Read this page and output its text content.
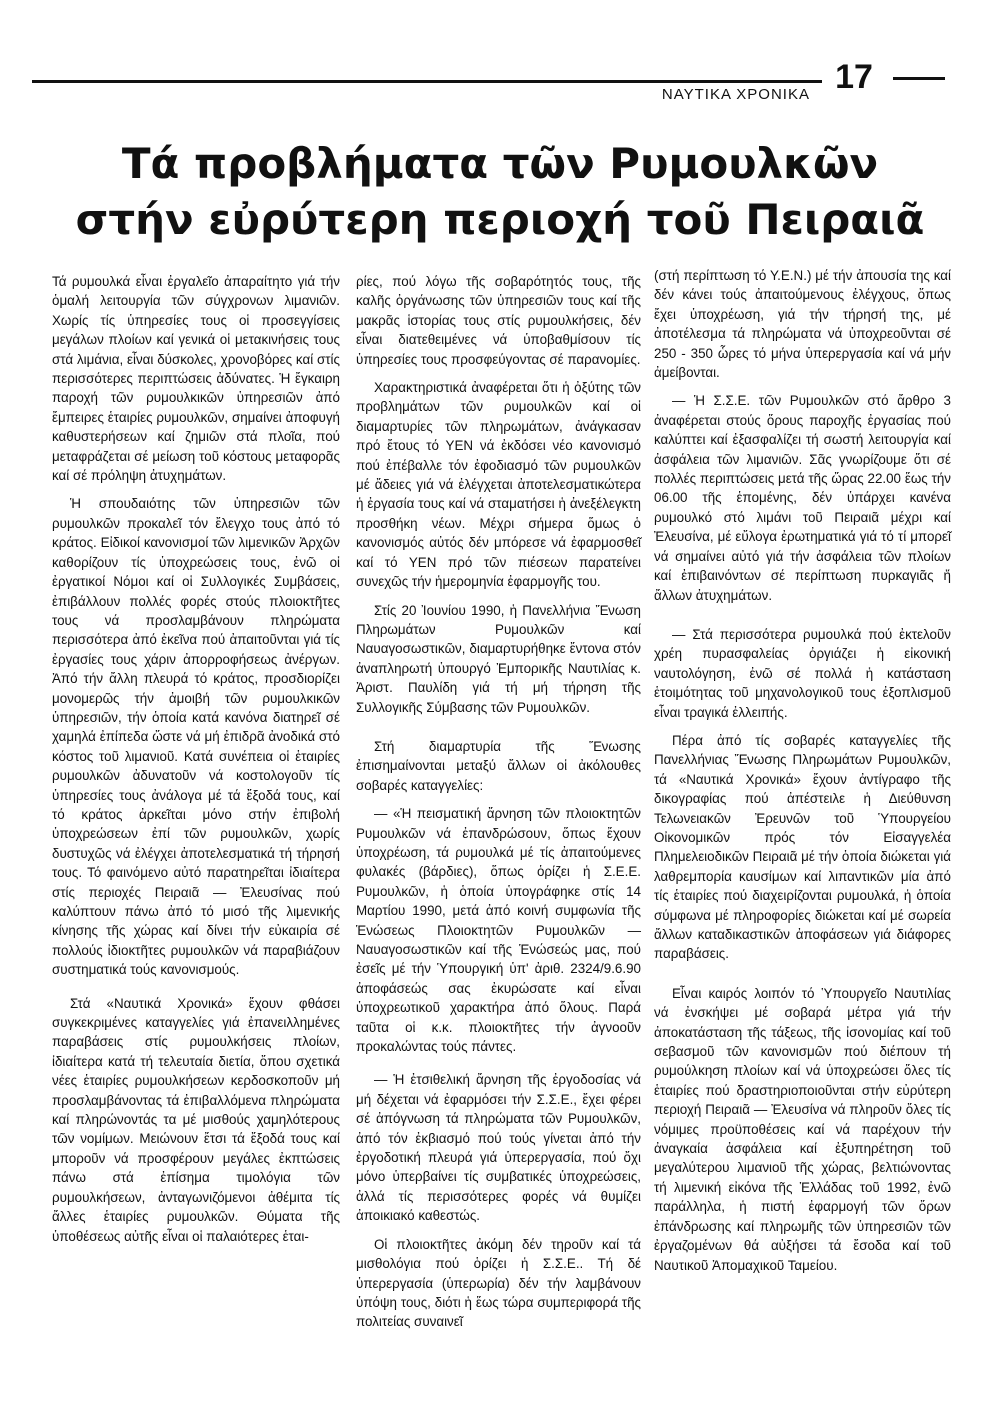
ΝΑΥΤΙΚΑ ΧΡΟΝΙΚΑ 17
Τά προβλήματα τῶν Ρυμουλκῶν
στήν εὐρύτερη περιοχή τοῦ Πειραιᾶ

Τά ρυμουλκά εἶναι ἐργαλεῖο ἀπαραίτητο γιά τήν ὁμαλή λειτουργία τῶν σύγχρονων λιμανιῶν. Χωρίς τίς ὑπηρεσίες τους οἱ προσεγγίσεις μεγάλων πλοίων καί γενικά οἱ μετακινήσεις τους στά λιμάνια, εἶναι δύσκολες, χρονοβόρες καί στίς περισσότερες περιπτώσεις ἀδύνατες. Ἡ ἔγκαιρη παροχή τῶν ρυμουλκικῶν ὑπηρεσιῶν ἀπό ἔμπειρες ἑταιρίες ρυμουλκῶν, σημαίνει ἀποφυγή καθυστερήσεων καί ζημιῶν στά πλοῖα, πού μεταφράζεται σέ μείωση τοῦ κόστους μεταφορᾶς καί σέ πρόληψη ἀτυχημάτων.

Ἡ σπουδαιότης τῶν ὑπηρεσιῶν τῶν ρυμουλκῶν προκαλεῖ τόν ἔλεγχο τους ἀπό τό κράτος. Εἰδικοί κανονισμοί τῶν λιμενικῶν Ἀρχῶν καθορίζουν τίς ὑποχρεώσεις τους, ἐνῶ οἱ ἐργατικοί Νόμοι καί οἱ Συλλογικές Συμβάσεις, ἐπιβάλλουν πολλές φορές στούς πλοιοκτῆτες τους νά προσλαμβάνουν πληρώματα περισσότερα ἀπό ἐκεῖνα πού ἀπαιτοῦνται γιά τίς ἐργασίες τους χάριν ἀπορροφήσεως ἀνέργων. Ἀπό τήν ἄλλη πλευρά τό κράτος, προσδιορίζει μονομερῶς τήν ἀμοιβή τῶν ρυμουλκικῶν ὑπηρεσιῶν, τήν ὁποία κατά κανόνα διατηρεῖ σέ χαμηλά ἐπίπεδα ὥστε νά μή ἐπιδρᾶ ἀνοδικά στό κόστος τοῦ λιμανιοῦ. Κατά συνέπεια οἱ ἑταιρίες ρυμουλκῶν ἀδυνατοῦν νά κοστολογοῦν τίς ὑπηρεσίες τους ἀνάλογα μέ τά ἔξοδά τους, καί τό κράτος ἀρκεῖται μόνο στήν ἐπιβολή ὑποχρεώσεων ἐπί τῶν ρυμουλκῶν, χωρίς δυστυχῶς νά ἐλέγχει ἀποτελεσματικά τή τήρησή τους. Τό φαινόμενο αὐτό παρατηρεῖται ἰδιαίτερα στίς περιοχές Πειραιᾶ — Ἐλευσίνας πού καλύπτουν πάνω ἀπό τό μισό τῆς λιμενικής κίνησης τῆς χώρας καί δίνει τήν εὐκαιρία σέ πολλούς ἰδιοκτῆτες ρυμουλκῶν νά παραβιάζουν συστηματικά τούς κανονισμούς.

Στά «Ναυτικά Χρονικά» ἔχουν φθάσει συγκεκριμένες καταγγελίες γιά ἐπανειλλημένες παραβάσεις στίς ρυμουλκήσεις πλοίων, ἰδιαίτερα κατά τή τελευταία διετία, ὅπου σχετικά νέες ἑταιρίες ρυμουλκήσεων κερδοσκοποῦν μή προσλαμβάνοντας τά ἐπιβαλλόμενα πληρώματα καί πληρώνοντάς τα μέ μισθούς χαμηλότερους τῶν νομίμων. Μειώνουν ἔτσι τά ἔξοδά τους καί μποροῦν νά προσφέρουν μεγάλες ἐκπτώσεις πάνω στά ἐπίσημα τιμολόγια τῶν ρυμουλκήσεων, ἀνταγωνιζόμενοι ἀθέμιτα τίς ἄλλες ἑταιρίες ρυμουλκῶν. Θύματα τῆς ὑποθέσεως αὐτῆς εἶναι οἱ παλαιότερες ἑται-

ρίες, πού λόγω τῆς σοβαρότητός τους, τῆς καλῆς ὀργάνωσης τῶν ὑπηρεσιῶν τους καί τῆς μακρᾶς ἱστορίας τους στίς ρυμουλκήσεις, δέν εἶναι διατεθειμένες νά ὑποβαθμίσουν τίς ὑπηρεσίες τους προσφεύγοντας σέ παρανομίες.

Χαρακτηριστικά ἀναφέρεται ὅτι ἡ ὀξύτης τῶν προβλημάτων τῶν ρυμουλκῶν καί οἱ διαμαρτυρίες τῶν πληρωμάτων, ἀνάγκασαν πρό ἔτους τό ΥΕΝ νά ἐκδόσει νέο κανονισμό πού ἐπέβαλλε τόν ἐφοδιασμό τῶν ρυμουλκῶν μέ ἄδειες γιά νά ἐλέγχεται ἀποτελεσματικώτερα ἡ ἐργασία τους καί νά σταματήσει ἡ ἀνεξέλεγκτη προσθήκη νέων. Μέχρι σήμερα ὅμως ὁ κανονισμός αὐτός δέν μπόρεσε νά ἐφαρμοσθεῖ καί τό ΥΕΝ πρό τῶν πιέσεων παρατείνει συνεχῶς τήν ἡμερομηνία ἐφαρμογῆς του.

Στίς 20 Ἰουνίου 1990, ἡ Πανελλήνια Ἕνωση Πληρωμάτων Ρυμουλκῶν καί Ναυαγοσωστικῶν, διαμαρτυρήθηκε ἔντονα στόν ἀναπληρωτή ὑπουργό Ἐμπορικῆς Ναυτιλίας κ. Ἀριστ. Παυλίδη γιά τή μή τήρηση τῆς Συλλογικῆς Σύμβασης τῶν Ρυμουλκῶν.

Στή διαμαρτυρία τῆς Ἕνωσης ἐπισημαίνονται μεταξύ ἄλλων οἱ ἀκόλουθες σοβαρές καταγγελίες:

— «Ἡ πεισματική ἄρνηση τῶν πλοιοκτητῶν Ρυμουλκῶν νά ἐπανδρώσουν, ὅπως ἔχουν ὑποχρέωση, τά ρυμουλκά μέ τίς ἀπαιτούμενες φυλακές (βάρδιες), ὅπως ὁρίζει ἡ Σ.Ε.Ε. Ρυμουλκῶν, ἡ ὁποία ὑπογράφηκε στίς 14 Μαρτίου 1990, μετά ἀπό κοινή συμφωνία τῆς Ἑνώσεως Πλοιοκτητῶν Ρυμουλκῶν — Ναυαγοσωστικῶν καί τῆς Ἑνώσεώς μας, πού ἐσεῖς μέ τήν Ὑπουργική ὑπ' ἀριθ. 2324/9.6.90 ἀποφάσεώς σας ἐκυρώσατε καί εἶναι ὑποχρεωτικοῦ χαρακτήρα ἀπό ὅλους. Παρά ταῦτα οἱ κ.κ. πλοιοκτῆτες τήν ἀγνοοῦν προκαλώντας τούς πάντες.

— Ἡ ἐτσιθελική ἄρνηση τῆς ἐργοδοσίας νά μή δέχεται νά ἐφαρμόσει τήν Σ.Σ.Ε., ἔχει φέρει σέ ἀπόγνωση τά πληρώματα τῶν Ρυμουλκῶν, ἀπό τόν ἐκβιασμό πού τούς γίνεται ἀπό τήν ἐργοδοτική πλευρά γιά ὑπερεργασία, πού ὄχι μόνο ὑπερβαίνει τίς συμβατικές ὑποχρεώσεις, ἀλλά τίς περισσότερες φορές νά θυμίζει ἀποικιακό καθεστώς.

Οἱ πλοιοκτῆτες ἀκόμη δέν τηροῦν καί τά μισθολόγια πού ὁρίζει ἡ Σ.Σ.Ε.. Τή δέ ὑπερεργασία (ὑπερωρία) δέν τήν λαμβάνουν ὑπόψη τους, διότι ἡ ἕως τώρα συμπεριφορά τῆς πολιτείας συναινεῖ

(στή περίπτωση τό Υ.Ε.Ν.) μέ τήν ἀπουσία της καί δέν κάνει τούς ἀπαιτούμενους ἐλέγχους, ὅπως ἔχει ὑποχρέωση, γιά τήν τήρησή της, μέ ἀποτέλεσμα τά πληρώματα νά ὑποχρεοῦνται σέ 250 - 350 ὧρες τό μήνα ὑπερεργασία καί νά μήν ἀμείβονται.

— Ἡ Σ.Σ.Ε. τῶν Ρυμουλκῶν στό ἄρθρο 3 ἀναφέρεται στούς ὅρους παροχῆς ἐργασίας πού καλύπτει καί ἐξασφαλίζει τή σωστή λειτουργία καί ἀσφάλεια τῶν λιμανιῶν. Σᾶς γνωρίζουμε ὅτι σέ πολλές περιπτώσεις μετά τῆς ὥρας 22.00 ἕως τήν 06.00 τῆς ἑπομένης, δέν ὑπάρχει κανένα ρυμουλκό στό λιμάνι τοῦ Πειραιᾶ μέχρι καί Ἐλευσίνα, μέ εὔλογα ἐρωτηματικά γιά τό τί μπορεῖ νά σημαίνει αὐτό γιά τήν ἀσφάλεια τῶν πλοίων καί ἐπιβαινόντων σέ περίπτωση πυρκαγιᾶς ἤ ἄλλων ἀτυχημάτων.

— Στά περισσότερα ρυμουλκά πού ἐκτελοῦν χρέη πυρασφαλείας ὀργιάζει ἡ εἰκονική ναυτολόγηση, ἐνῶ σέ πολλά ἡ κατάσταση ἑτοιμότητας τοῦ μηχανολογικοῦ τους ἐξοπλισμοῦ εἶναι τραγικά ἐλλειπής.

Πέρα ἀπό τίς σοβαρές καταγγελίες τῆς Πανελλήνιας Ἕνωσης Πληρωμάτων Ρυμουλκῶν, τά «Ναυτικά Χρονικά» ἔχουν ἀντίγραφο τῆς δικογραφίας πού ἀπέστειλε ἡ Διεύθυνση Τελωνειακῶν Ἐρευνῶν τοῦ Ὑπουργείου Οἰκονομικῶν πρός τόν Εἰσαγγελέα Πλημελειοδικῶν Πειραιᾶ μέ τήν ὁποία διώκεται γιά λαθρεμπορία καυσίμων καί λιπαντικῶν μία ἀπό τίς ἑταιρίες πού διαχειρίζονται ρυμουλκά, ἡ ὁποία σύμφωνα μέ πληροφορίες διώκεται καί μέ σωρεία ἄλλων καταδικαστικῶν ἀποφάσεων γιά διάφορες παραβάσεις.

Εἶναι καιρός λοιπόν τό Ὑπουργεῖο Ναυτιλίας νά ἐνσκήψει μέ σοβαρά μέτρα γιά τήν ἀποκατάσταση τῆς τάξεως, τῆς ἰσονομίας καί τοῦ σεβασμοῦ τῶν κανονισμῶν πού διέπουν τή ρυμούλκηση πλοίων καί νά ὑποχρεώσει ὅλες τίς ἑταιρίες πού δραστηριοποιοῦνται στήν εὐρύτερη περιοχή Πειραιᾶ — Ἐλευσίνα νά πληροῦν ὅλες τίς νόμιμες προϋποθέσεις καί νά παρέχουν τήν ἀναγκαία ἀσφάλεια καί ἐξυπηρέτηση τοῦ μεγαλύτερου λιμανιοῦ τῆς χώρας, βελτιώνοντας τή λιμενική εἰκόνα τῆς Ἑλλάδας τοῦ 1992, ἐνῶ παράλληλα, ἡ πιστή ἐφαρμογή τῶν ὅρων ἐπάνδρωσης καί πληρωμῆς τῶν ὑπηρεσιῶν τῶν ἐργαζομένων θά αὐξήσει τά ἔσοδα καί τοῦ Ναυτικοῦ Ἀπομαχικοῦ Ταμείου.
